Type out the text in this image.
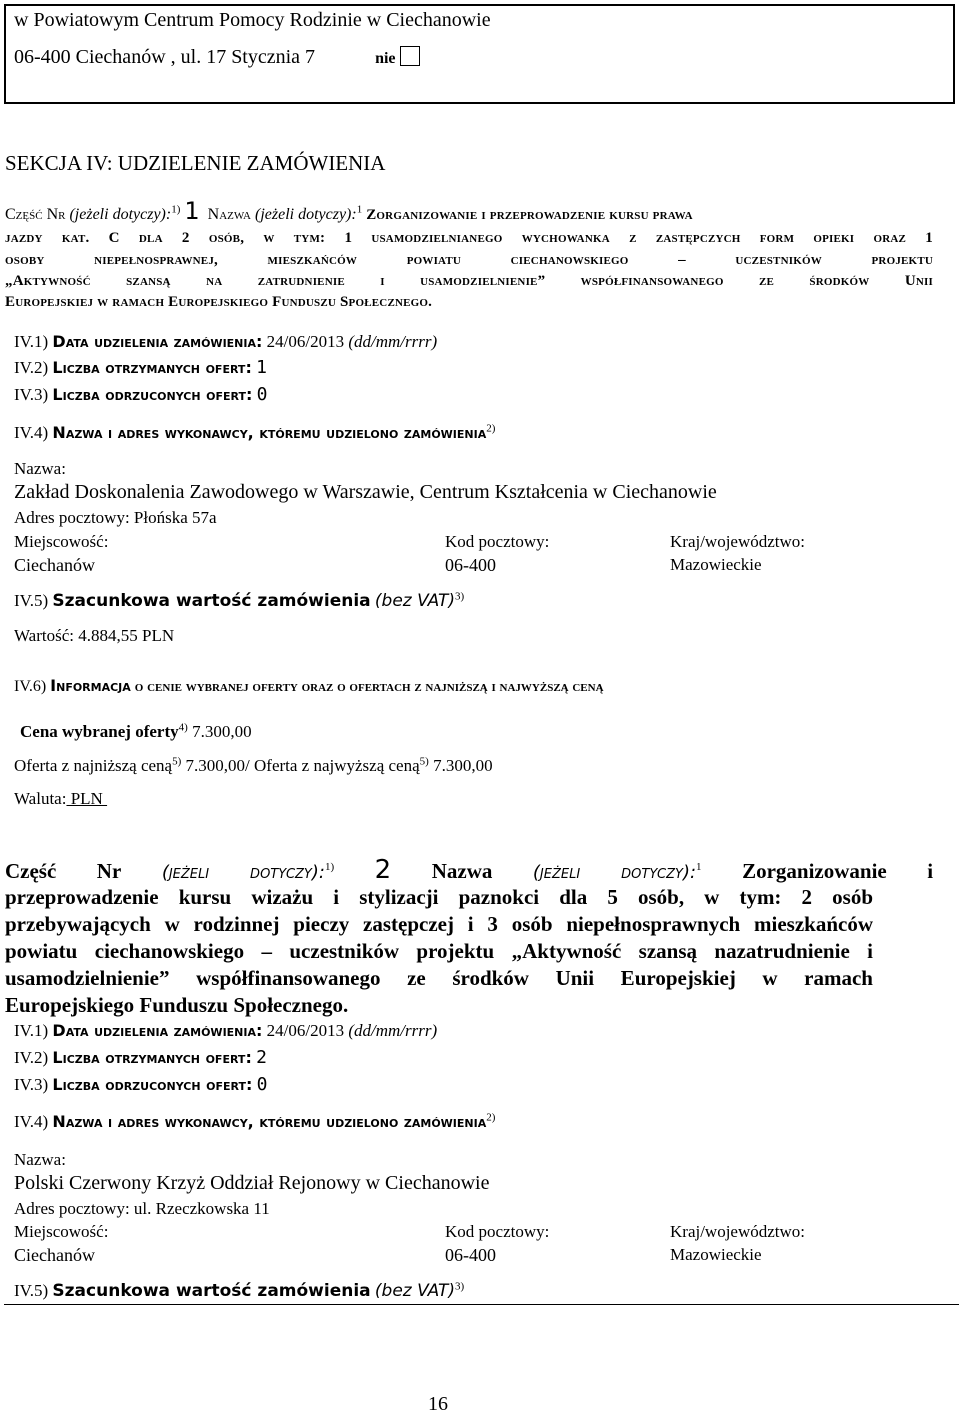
w Powiatowym Centrum Pomocy Rodzinie w Ciechanowie
06-400 Ciechanów , ul. 17 Stycznia 7	nie
SEKCJA IV: UDZIELENIE ZAMÓWIENIA
Część Nr (jeżeli dotyczy):$^{1)}$ 1 Nazwa (jeżeli dotyczy):$^1$ Zorganizowanie i przeprowadzenie kursu prawa
jazdy kat. C dla 2 osób, w tym: 1 usamodzielnianego wychowanka z zastępczych form opieki oraz 1
osoby niepełnosprawnej, mieszkańców powiatu ciechanowskiego – uczestników projektu
„Aktywność szansą na zatrudnienie i usamodzielnienie” współfinansowanego ze środków Unii
Europejskiej w ramach Europejskiego Funduszu Społecznego.
IV.1) Data udzielenia zamówienia: 24/06/2013 (dd/mm/rrrr)
IV.2) Liczba otrzymanych ofert: 1
IV.3) Liczba odrzuconych ofert: 0
IV.4) Nazwa i adres wykonawcy, któremu udzielono zamówienia$^{2)}$
Nazwa:
Zakład Doskonalenia Zawodowego w Warszawie, Centrum Kształcenia w Ciechanowie
Adres pocztowy: Płońska 57a
Miejscowość:
Ciechanów
Kod pocztowy:
06-400
Kraj/województwo:
Mazowieckie
IV.5) Szacunkowa wartość zamówienia (bez VAT)$^{3)}$
Wartość: 4.884,55 PLN
IV.6) Informacja o cenie wybranej oferty oraz o ofertach z najniższą i najwyższą ceną
Cena wybranej oferty$^{4)}$ 7.300,00
Oferta z najniższą ceną$^{5)}$ 7.300,00/ Oferta z najwyższą ceną$^{5)}$ 7.300,00
Waluta: PLN
Część Nr (jeżeli dotyczy):$^{1)}$ 2 Nazwa (jeżeli dotyczy):$^1$ Zorganizowanie i
przeprowadzenie kursu wizażu i stylizacji paznokci dla 5 osób, w tym: 2 osób
przebywających w rodzinnej pieczy zastępczej i 3 osób niepełnosprawnych mieszkańców
powiatu ciechanowskiego – uczestników projektu „Aktywność szansą nazatrudnienie i
usamodzielnienie” współfinansowanego ze środków Unii Europejskiej w ramach
Europejskiego Funduszu Społecznego.
IV.1) Data udzielenia zamówienia: 24/06/2013 (dd/mm/rrrr)
IV.2) Liczba otrzymanych ofert: 2
IV.3) Liczba odrzuconych ofert: 0
IV.4) Nazwa i adres wykonawcy, któremu udzielono zamówienia$^{2)}$
Nazwa:
Polski Czerwony Krzyż Oddział Rejonowy w Ciechanowie
Adres pocztowy: ul. Rzeczkowska 11
Miejscowość:
Ciechanów
Kod pocztowy:
06-400
Kraj/województwo:
Mazowieckie
IV.5) Szacunkowa wartość zamówienia (bez VAT)$^{3)}$
16
